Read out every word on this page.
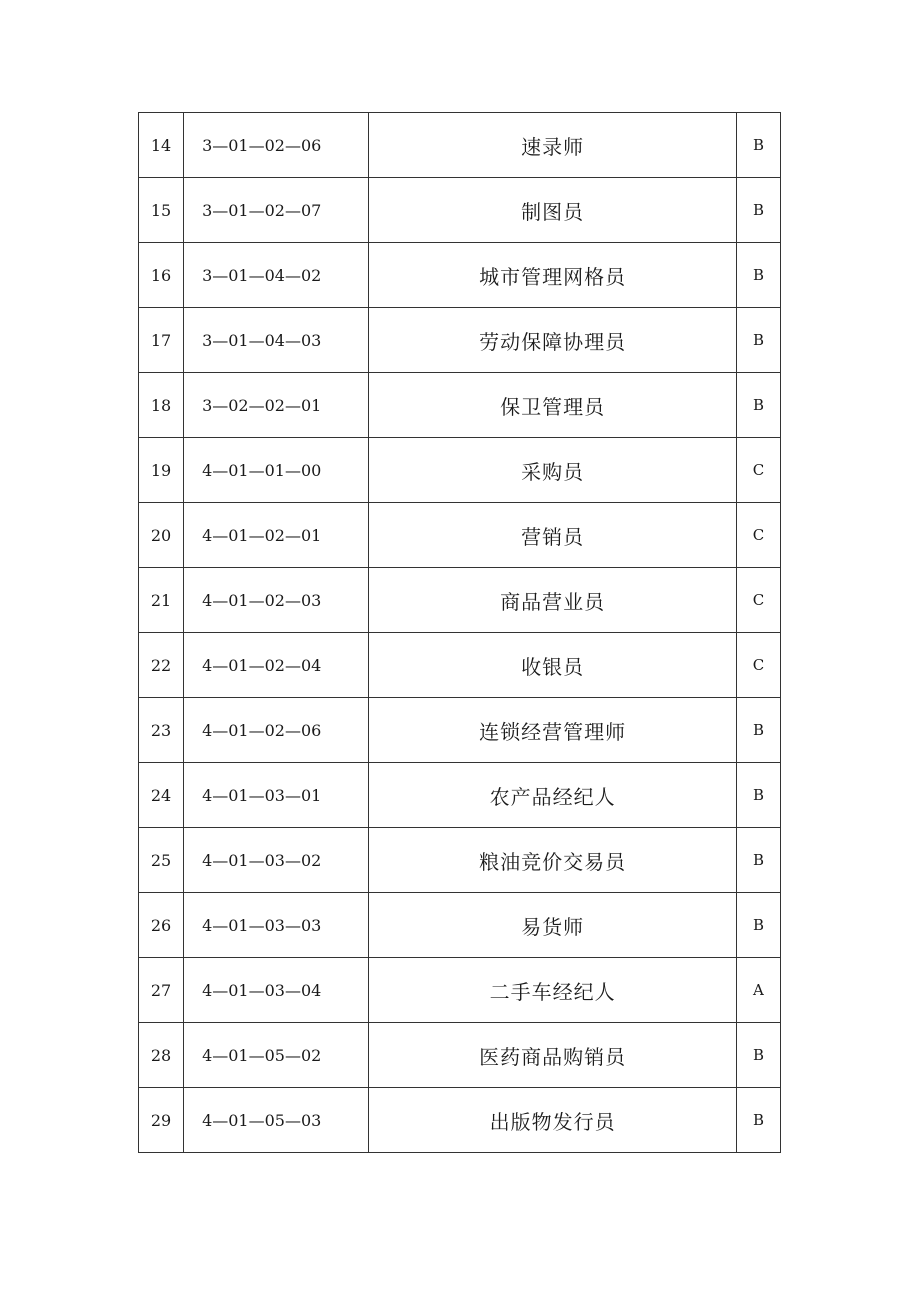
14	3—01—02—06	速录师	B
15	3—01—02—07	制图员	B
16	3—01—04—02	城市管理网格员	B
17	3—01—04—03	劳动保障协理员	B
18	3—02—02—01	保卫管理员	B
19	4—01—01—00	采购员	C
20	4—01—02—01	营销员	C
21	4—01—02—03	商品营业员	C
22	4—01—02—04	收银员	C
23	4—01—02—06	连锁经营管理师	B
24	4—01—03—01	农产品经纪人	B
25	4—01—03—02	粮油竞价交易员	B
26	4—01—03—03	易货师	B
27	4—01—03—04	二手车经纪人	A
28	4—01—05—02	医药商品购销员	B
29	4—01—05—03	出版物发行员	B
